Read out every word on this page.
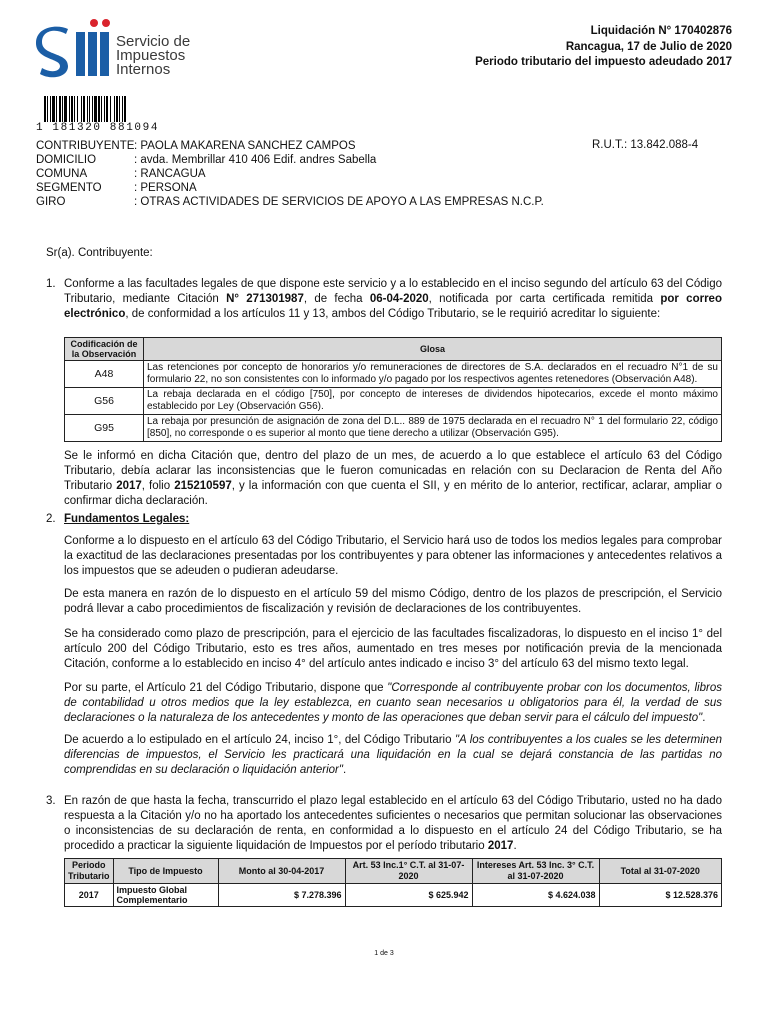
Servicio de
Impuestos
Internos
Liquidación N° 170402876
Rancagua, 17 de Julio de 2020
Periodo tributario del impuesto adeudado 2017
1 181320 881094
CONTRIBUYENTE : PAOLA MAKARENA SANCHEZ CAMPOS
DOMICILIO	: avda. Membrillar 410 406 Edif. andres Sabella
COMUNA	: RANCAGUA
SEGMENTO	: PERSONA
GIRO	: OTRAS ACTIVIDADES DE SERVICIOS DE APOYO A LAS EMPRESAS N.C.P.
R.U.T.: 13.842.088-4
Sr(a). Contribuyente:
1. Conforme a las facultades legales de que dispone este servicio y a lo establecido en el inciso segundo del artículo 63 del Código Tributario, mediante Citación N° 271301987, de fecha 06-04-2020, notificada por carta certificada remitida por correo electrónico, de conformidad a los artículos 11 y 13, ambos del Código Tributario, se le requirió acreditar lo siguiente:
Codificación de la Observación	Glosa
A48	Las retenciones por concepto de honorarios y/o remuneraciones de directores de S.A. declarados en el recuadro N°1 de su formulario 22, no son consistentes con lo informado y/o pagado por los respectivos agentes retenedores (Observación A48).
G56	La rebaja declarada en el código [750], por concepto de intereses de dividendos hipotecarios, excede el monto máximo establecido por Ley (Observación G56).
G95	La rebaja por presunción de asignación de zona del D.L.. 889 de 1975 declarada en el recuadro N° 1 del formulario 22, código [850], no corresponde o es superior al monto que tiene derecho a utilizar (Observación G95).
Se le informó en dicha Citación que, dentro del plazo de un mes, de acuerdo a lo que establece el artículo 63 del Código Tributario, debía aclarar las inconsistencias que le fueron comunicadas en relación con su Declaracion de Renta del Año Tributario 2017, folio 215210597, y la información con que cuenta el SII, y en mérito de lo anterior, rectificar, aclarar, ampliar o confirmar dicha declaración.
2. Fundamentos Legales:
Conforme a lo dispuesto en el artículo 63 del Código Tributario, el Servicio hará uso de todos los medios legales para comprobar la exactitud de las declaraciones presentadas por los contribuyentes y para obtener las informaciones y antecedentes relativos a los impuestos que se adeuden o pudieran adeudarse.
De esta manera en razón de lo dispuesto en el artículo 59 del mismo Código, dentro de los plazos de prescripción, el Servicio podrá llevar a cabo procedimientos de fiscalización y revisión de declaraciones de los contribuyentes.
Se ha considerado como plazo de prescripción, para el ejercicio de las facultades fiscalizadoras, lo dispuesto en el inciso 1° del artículo 200 del Código Tributario, esto es tres años, aumentado en tres meses por notificación previa de la mencionada Citación, conforme a lo establecido en inciso 4° del artículo antes indicado e inciso 3° del artículo 63 del mismo texto legal.
Por su parte, el Artículo 21 del Código Tributario, dispone que "Corresponde al contribuyente probar con los documentos, libros de contabilidad u otros medios que la ley establezca, en cuanto sean necesarios u obligatorios para él, la verdad de sus declaraciones o la naturaleza de los antecedentes y monto de las operaciones que deban servir para el cálculo del impuesto".
De acuerdo a lo estipulado en el artículo 24, inciso 1°, del Código Tributario "A los contribuyentes a los cuales se les determinen diferencias de impuestos, el Servicio les practicará una liquidación en la cual se dejará constancia de las partidas no comprendidas en su declaración o liquidación anterior".
3. En razón de que hasta la fecha, transcurrido el plazo legal establecido en el artículo 63 del Código Tributario, usted no ha dado respuesta a la Citación y/o no ha aportado los antecedentes suficientes o necesarios que permitan solucionar las observaciones o inconsistencias de su declaración de renta, en conformidad a lo dispuesto en el artículo 24 del Código Tributario, se ha procedido a practicar la siguiente liquidación de Impuestos por el período tributario 2017.
Periodo Tributario	Tipo de Impuesto	Monto al 30-04-2017	Art. 53 Inc.1° C.T. al 31-07-2020	Intereses Art. 53 Inc. 3° C.T. al 31-07-2020	Total al 31-07-2020
2017	Impuesto Global Complementario	$ 7.278.396	$ 625.942	$ 4.624.038	$ 12.528.376
1 de 3
